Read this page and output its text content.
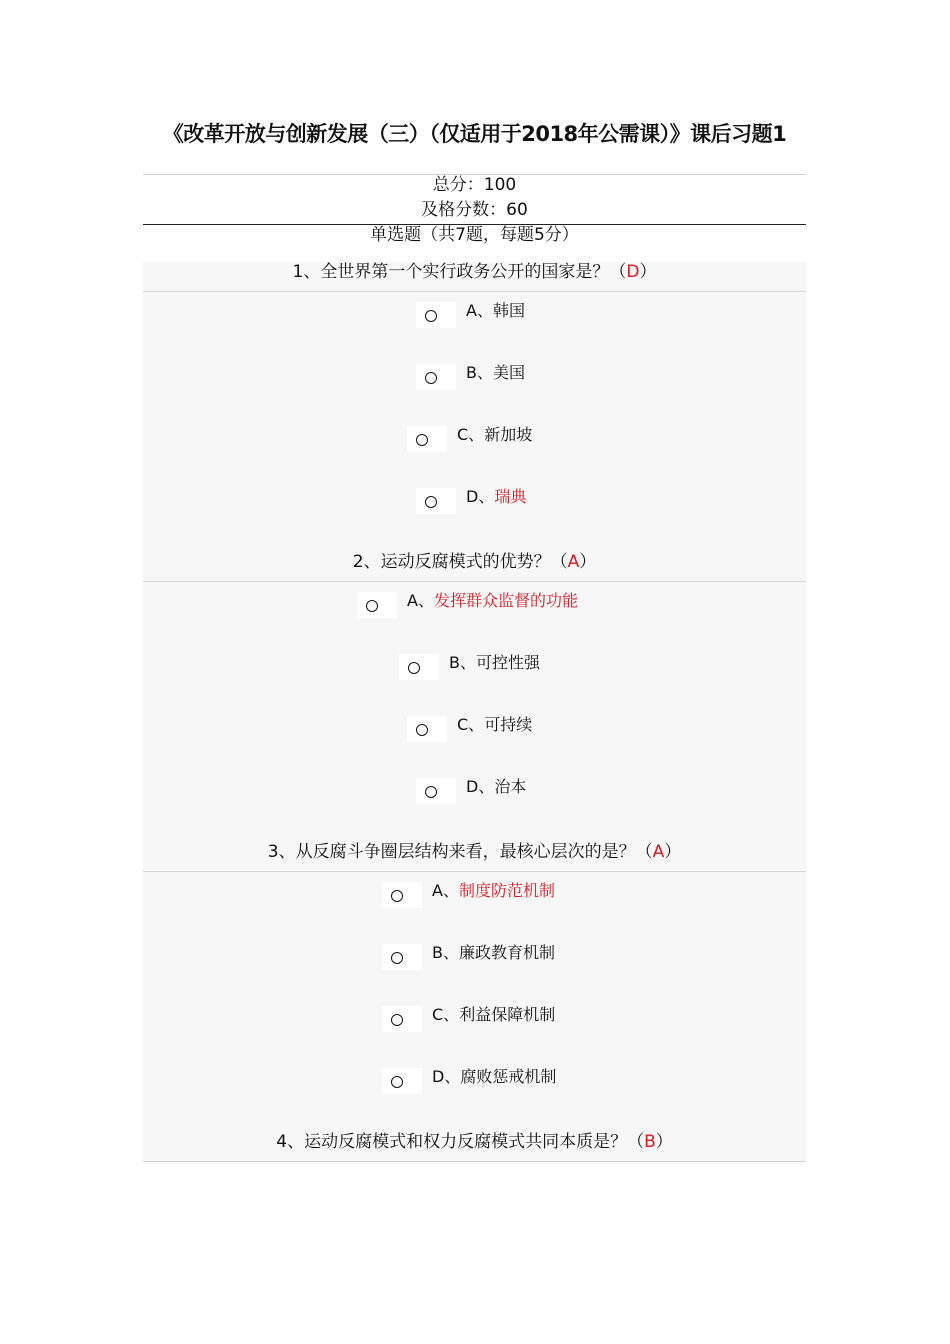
《改革开放与创新发展（三）（仅适用于2018年公需课）》课后习题1
总分：100
及格分数：60
单选题（共7题，每题5分）
1、全世界第一个实行政务公开的国家是？（D）
A、韩国
B、美国
C、新加坡
D、瑞典
2、运动反腐模式的优势？（A）
A、发挥群众监督的功能
B、可控性强
C、可持续
D、治本
3、从反腐斗争圈层结构来看，最核心层次的是？（A）
A、制度防范机制
B、廉政教育机制
C、利益保障机制
D、腐败惩戒机制
4、运动反腐模式和权力反腐模式共同本质是？（B）
